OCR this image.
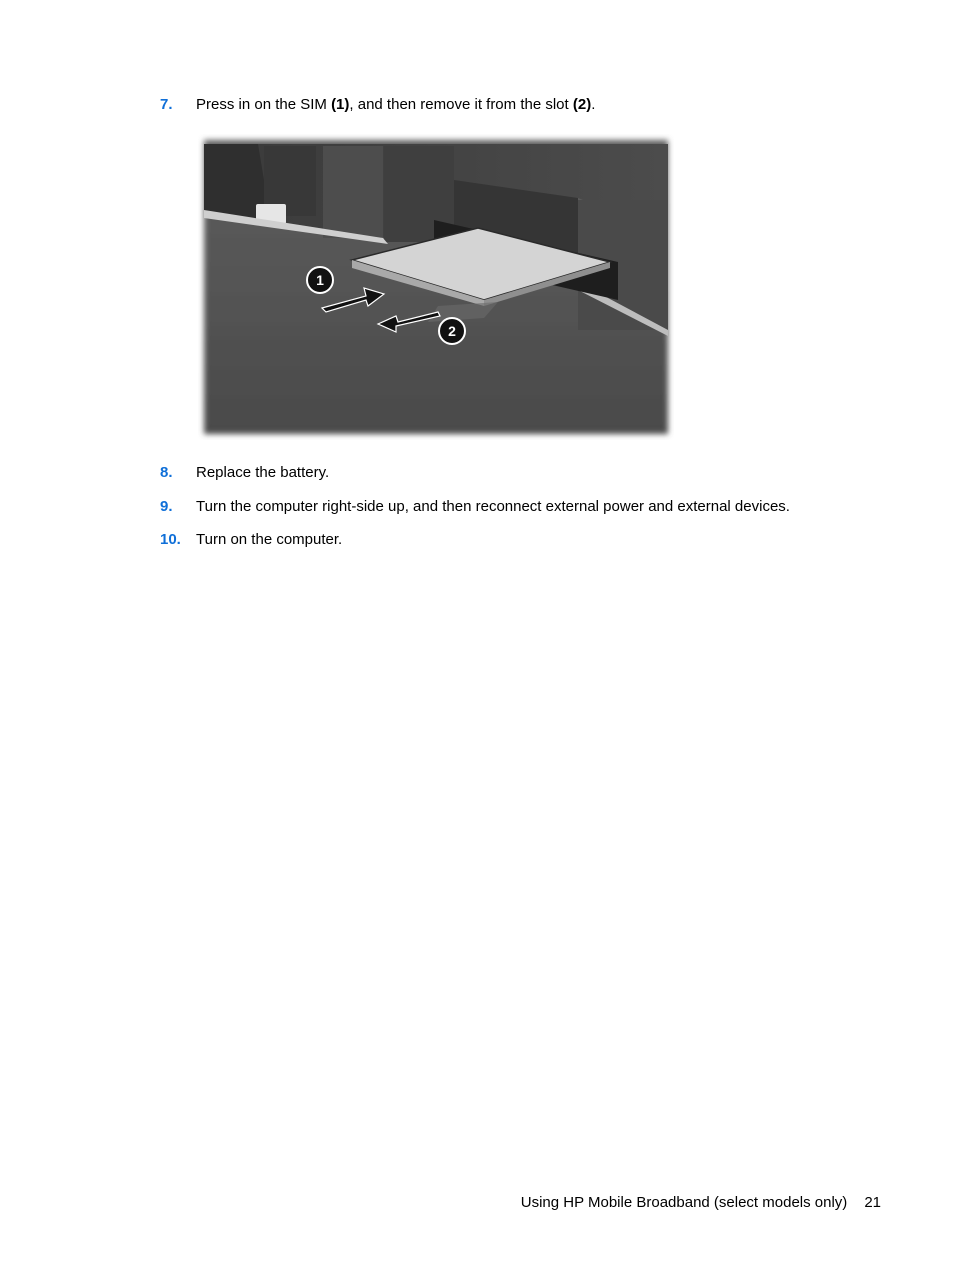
7. Press in on the SIM (1), and then remove it from the slot (2).
1
2
8. Replace the battery.
9. Turn the computer right-side up, and then reconnect external power and external devices.
10. Turn on the computer.
Using HP Mobile Broadband (select models only) 21
